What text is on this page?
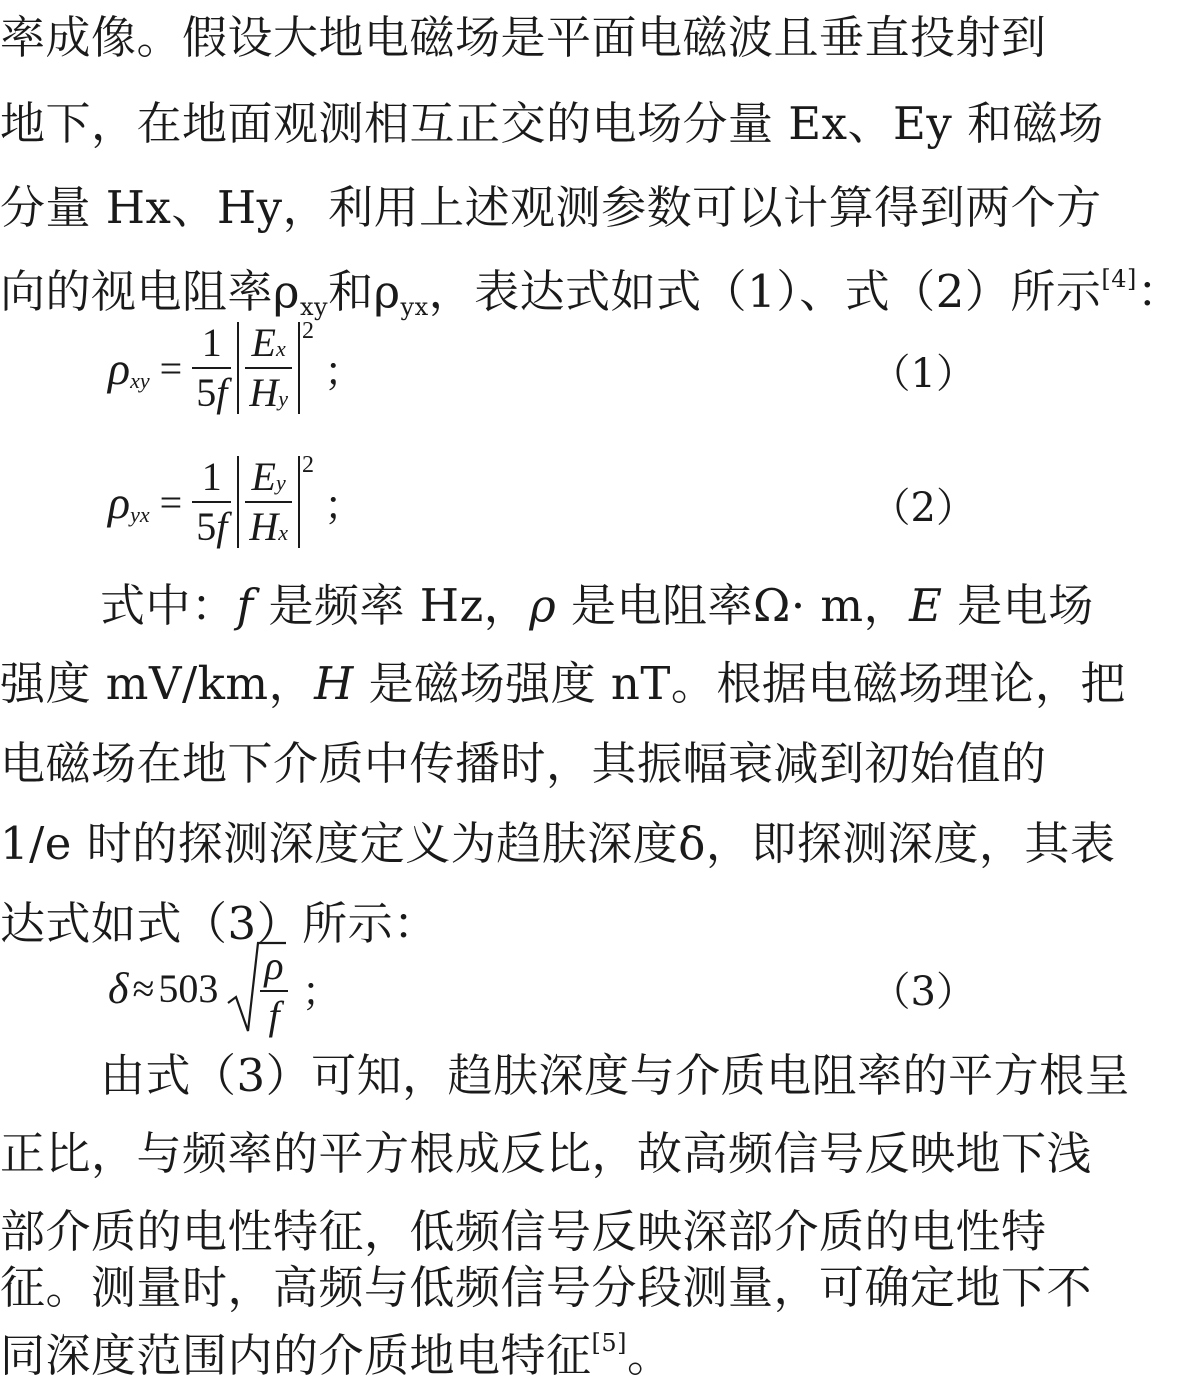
率成像。假设大地电磁场是平面电磁波且垂直投射到
地下，在地面观测相互正交的电场分量 Ex、Ey 和磁场
分量 Hx、Hy，利用上述观测参数可以计算得到两个方
向的视电阻率$\rho_{xy}$和$\rho_{yx}$，表达式如式（1）、式（2）所示[4]：
ρ xy = $\frac{1}{5f} \frac{Ex}{Hy} 2$
；	（1）
ρ yx = $\frac{1}{5f} \frac{Ey}{Hx} 2$
；	（2）
式中：f 是频率 Hz，ρ 是电阻率Ω· m，E 是电场
强度 mV/km，H 是磁场强度 nT。根据电磁场理论，把
电磁场在地下介质中传播时，其振幅衰减到初始值的
1/e 时的探测深度定义为趋肤深度δ，即探测深度，其表
达式如式（3）所示：
$\delta \approx 503 \frac{\rho}{f}$ ；	（3）
由式（3）可知，趋肤深度与介质电阻率的平方根呈
正比，与频率的平方根成反比，故高频信号反映地下浅
部介质的电性特征，低频信号反映深部介质的电性特
征。测量时，高频与低频信号分段测量，可确定地下不
同深度范围内的介质地电特征[5]。
